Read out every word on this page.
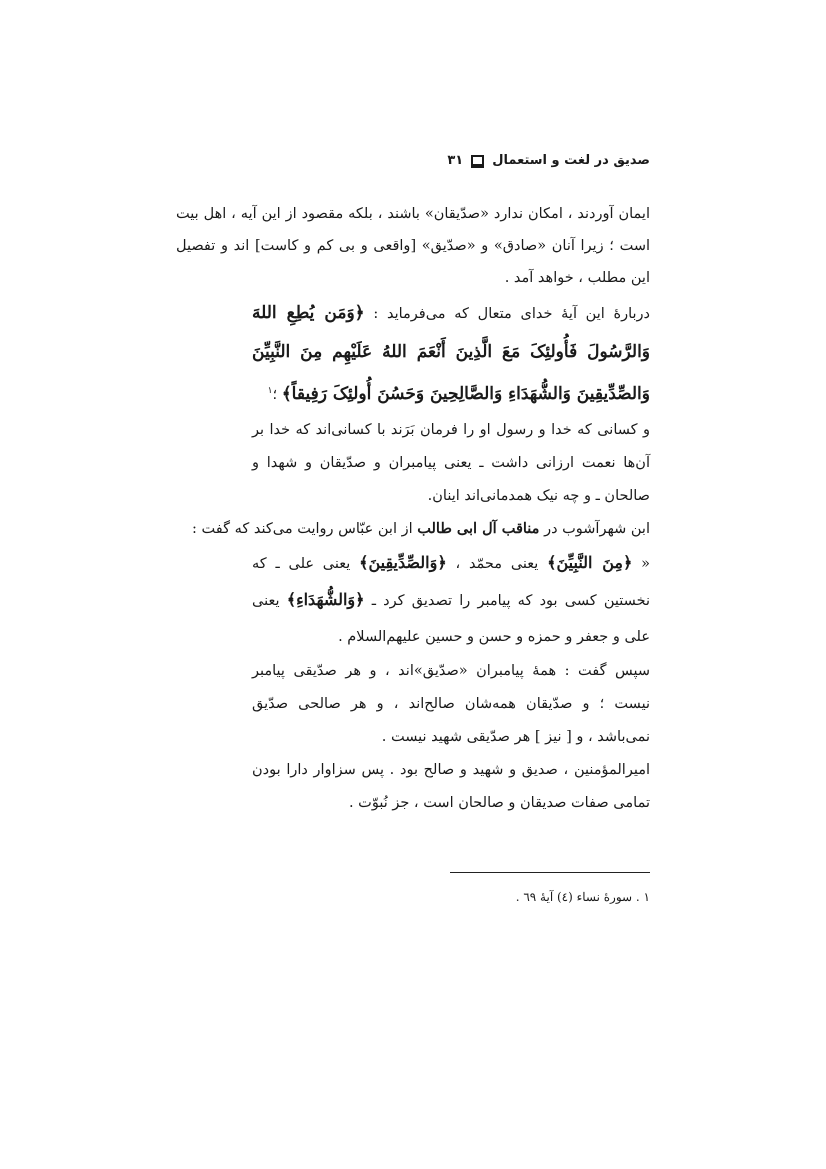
صدیق در لغت و استعمال
۳۱

ایمان آوردند ، امکان ندارد «صدّیقان» باشند ، بلکه مقصود از این آیه ، اهل بیت است ؛ زیرا آنان «صادق» و «صدّیق» [واقعی و بی کم و کاست] اند و تفصیل این مطلب ، خواهد آمد .

دربارهٔ این آیهٔ خدای متعال که می‌فرماید : ﴿وَمَن یُطِعِ اللهَ وَالرَّسُولَ فَأُولئِکَ مَعَ الَّذِینَ أَنْعَمَ اللهُ عَلَیْهِم مِنَ النَّبِیِّنَ وَالصِّدِّیقِینَ وَالشُّهَدَاءِ وَالصَّالِحِینَ وَحَسُنَ أُولئِکَ رَفِیقاً﴾ ؛$^۱$

و کسانی که خدا و رسول او را فرمان بَرَند با کسانی‌اند که خدا بر آن‌ها نعمت ارزانی داشت ـ یعنی پیامبران و صدّیقان و شهدا و صالحان ـ و چه نیک همدمانی‌اند اینان.

ابن شهرآشوب در مناقب آل ابی طالب از ابن عبّاس روایت می‌کند که گفت :

« ﴿مِنَ النَّبِیِّنَ﴾ یعنی محمّد ، ﴿وَالصِّدِّیقِینَ﴾ یعنی علی ـ که نخستین کسی بود که پیامبر را تصدیق کرد ـ ﴿وَالشُّهَدَاءِ﴾ یعنی علی و جعفر و حمزه و حسن و حسین علیهم‌السلام .

سپس گفت : همهٔ پیامبران «صدّیق»اند ، و هر صدّیقی پیامبر نیست ؛ و صدّیقان همه‌شان صالح‌اند ، و هر صالحی صدّیق نمی‌باشد ، و [ نیز ] هر صدّیقی شهید نیست .

امیرالمؤمنین ، صدیق و شهید و صالح بود . پس سزاوار دارا بودن تمامی صفات صدیقان و صالحان است ، جز نُبوّت .

۱ . سورهٔ نساء (٤) آیهٔ ٦٩ .
